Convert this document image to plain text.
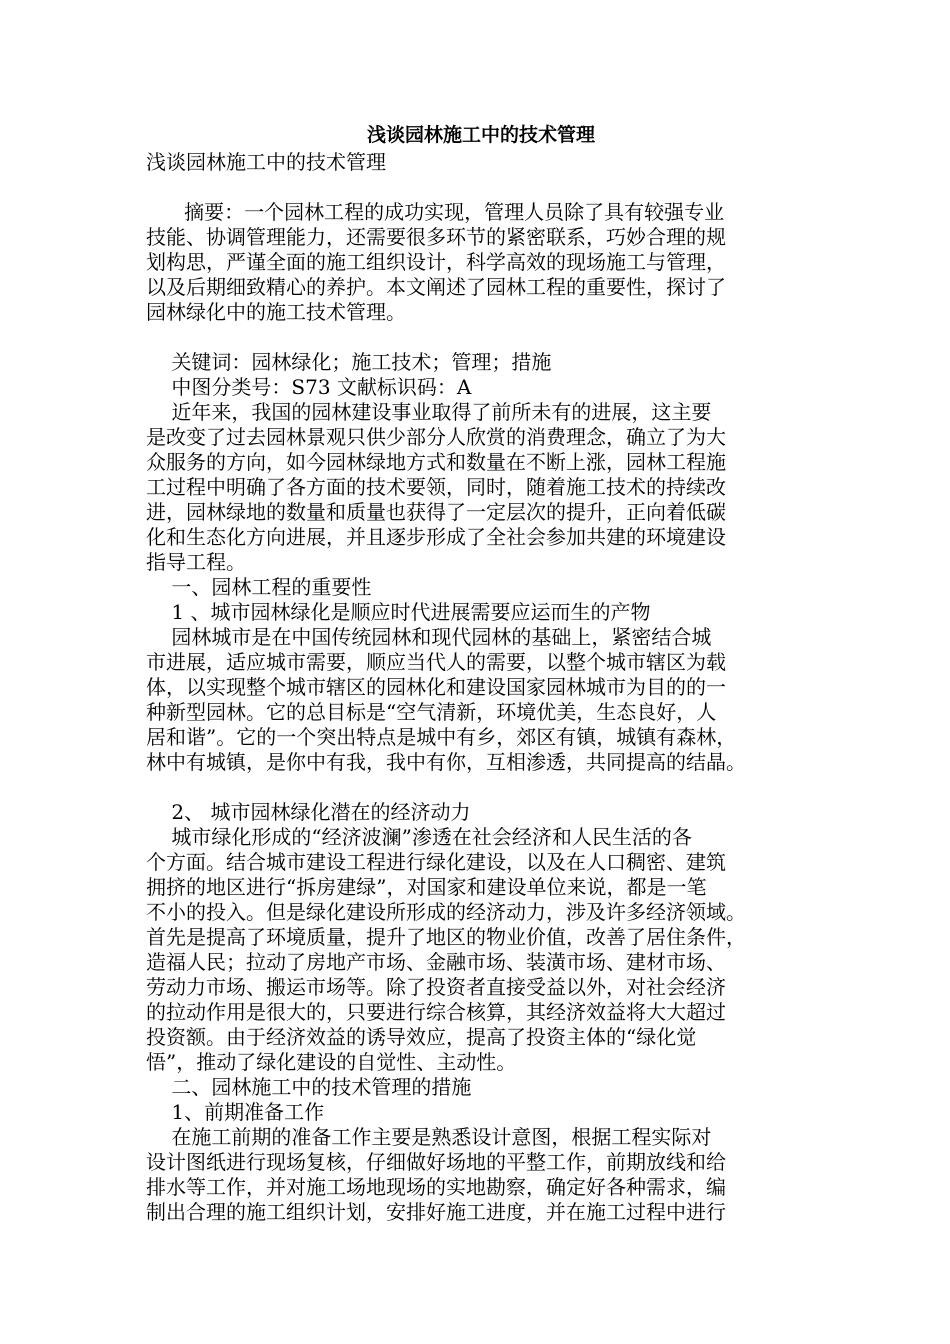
浅谈园林施工中的技术管理
浅谈园林施工中的技术管理
摘要：一个园林工程的成功实现，管理人员除了具有较强专业
技能、协调管理能力，还需要很多环节的紧密联系，巧妙合理的规
划构思，严谨全面的施工组织设计，科学高效的现场施工与管理，
以及后期细致精心的养护。本文阐述了园林工程的重要性，探讨了
园林绿化中的施工技术管理。
关键词：园林绿化；施工技术；管理；措施
中图分类号：S73 文献标识码：A
近年来，我国的园林建设事业取得了前所未有的进展，这主要
是改变了过去园林景观只供少部分人欣赏的消费理念，确立了为大
众服务的方向，如今园林绿地方式和数量在不断上涨，园林工程施
工过程中明确了各方面的技术要领，同时，随着施工技术的持续改
进，园林绿地的数量和质量也获得了一定层次的提升，正向着低碳
化和生态化方向进展，并且逐步形成了全社会参加共建的环境建设
指导工程。
一、园林工程的重要性
1 、城市园林绿化是顺应时代进展需要应运而生的产物
园林城市是在中国传统园林和现代园林的基础上，紧密结合城
市进展，适应城市需要，顺应当代人的需要，以整个城市辖区为载
体，以实现整个城市辖区的园林化和建设国家园林城市为目的的一
种新型园林。它的总目标是“空气清新，环境优美，生态良好，人
居和谐”。它的一个突出特点是城中有乡，郊区有镇，城镇有森林，
林中有城镇，是你中有我，我中有你，互相渗透，共同提高的结晶。
2、 城市园林绿化潜在的经济动力
城市绿化形成的“经济波澜”渗透在社会经济和人民生活的各
个方面。结合城市建设工程进行绿化建设，以及在人口稠密、建筑
拥挤的地区进行“拆房建绿”，对国家和建设单位来说，都是一笔
不小的投入。但是绿化建设所形成的经济动力，涉及许多经济领域。
首先是提高了环境质量，提升了地区的物业价值，改善了居住条件，
造福人民；拉动了房地产市场、金融市场、装潢市场、建材市场、
劳动力市场、搬运市场等。除了投资者直接受益以外，对社会经济
的拉动作用是很大的，只要进行综合核算，其经济效益将大大超过
投资额。由于经济效益的诱导效应，提高了投资主体的“绿化觉
悟”，推动了绿化建设的自觉性、主动性。
二、园林施工中的技术管理的措施
1、前期准备工作
在施工前期的准备工作主要是熟悉设计意图，根据工程实际对
设计图纸进行现场复核，仔细做好场地的平整工作，前期放线和给
排水等工作，并对施工场地现场的实地勘察，确定好各种需求，编
制出合理的施工组织计划，安排好施工进度，并在施工过程中进行
